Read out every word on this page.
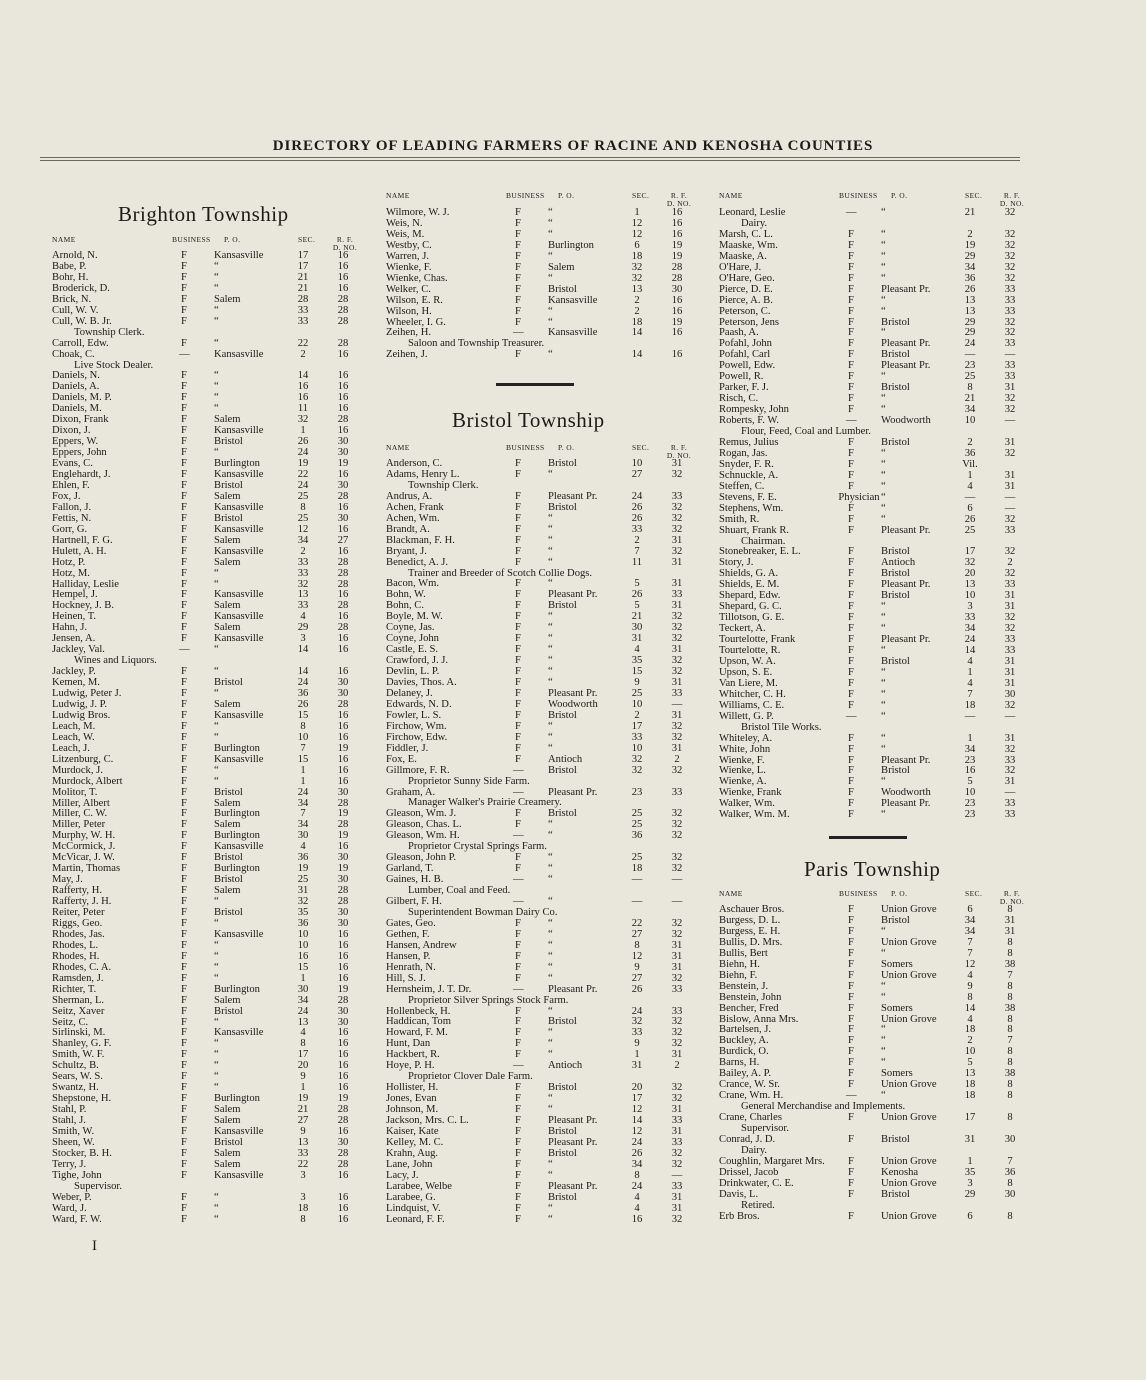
DIRECTORY OF LEADING FARMERS OF RACINE AND KENOSHA COUNTIES
Brighton Township
NAME	BUSINESS P. O.	SEC.	R. F. D. NO.
Arnold, N.	F	Kansasville	17	16
Babe, P.	F	“	17	16
Bohr, H.	F	“	21	16
Broderick, D.	F	“	21	16
Brick, N.	F	Salem	28	28
Cull, W. V.	F	“	33	28
Cull, W. B. Jr.	F	“	33	28
Township Clerk.
Carroll, Edw.	F	“	22	28
Choak, C.	— Kansasville	2	16
Live Stock Dealer.
Daniels, N.	F	“	14	16
Daniels, A.	F	“	16	16
Daniels, M. P.	F	“	16	16
Daniels, M.	F	“	11	16
Dixon, Frank	F	Salem	32	28
Dixon, J.	F	Kansasville	1	16
Eppers, W.	F	Bristol	26	30
Eppers, John	F	“	24	30
Evans, C.	F	Burlington	19	19
Englehardt, J.	F	Kansasville	22	16
Ehlen, F.	F	Bristol	24	30
Fox, J.	F	Salem	25	28
Fallon, J.	F	Kansasville	8	16
Fettis, N.	F	Bristol	25	30
Gorr, G.	F	Kansasville	12	16
Hartnell, F. G.	F	Salem	34	27
Hulett, A. H.	F	Kansasville	2	16
Hotz, P.	F	Salem	33	28
Hotz, M.	F	“	33	28
Halliday, Leslie	F	“	32	28
Hempel, J.	F	Kansasville	13	16
Hockney, J. B.	F	Salem	33	28
Heinen, T.	F	Kansasville	4	16
Hahn, J.	F	Salem	29	28
Jensen, A.	F	Kansasville	3	16
Jackley, Val.	— “	14	16
Wines and Liquors.
Jackley, P.	F	“	14	16
Kemen, M.	F	Bristol	24	30
Ludwig, Peter J.	F	“	36	30
Ludwig, J. P.	F	Salem	26	28
Ludwig Bros.	F	Kansasville	15	16
Leach, M.	F	“	8	16
Leach, W.	F	“	10	16
Leach, J.	F	Burlington	7	19
Litzenburg, C.	F	Kansasville	15	16
Murdock, J.	F	“	1	16
Murdock, Albert	F	“	1	16
Molitor, T.	F	Bristol	24	30
Miller, Albert	F	Salem	34	28
Miller, C. W.	F	Burlington	7	19
Miller, Peter	F	Salem	34	28
Murphy, W. H.	F	Burlington	30	19
McCormick, J.	F	Kansasville	4	16
McVicar, J. W.	F	Bristol	36	30
Martin, Thomas	F	Burlington	19	19
May, J.	F	Bristol	25	30
Rafferty, H.	F	Salem	31	28
Rafferty, J. H.	F	“	32	28
Reiter, Peter	F	Bristol	35	30
Riggs, Geo.	F	“	36	30
Rhodes, Jas.	F	Kansasville	10	16
Rhodes, L.	F	“	10	16
Rhodes, H.	F	“	16	16
Rhodes, C. A.	F	“	15	16
Ramsden, J.	F	“	1	16
Richter, T.	F	Burlington	30	19
Sherman, L.	F	Salem	34	28
Seitz, Xaver	F	Bristol	24	30
Seitz, C.	F	“	13	30
Sirlinski, M.	F	Kansasville	4	16
Shanley, G. F.	F	“	8	16
Smith, W. F.	F	“	17	16
Schultz, B.	F	“	20	16
Sears, W. S.	F	“	9	16
Swantz, H.	F	“	1	16
Shepstone, H.	F	Burlington	19	19
Stahl, P.	F	Salem	21	28
Stahl, J.	F	Salem	27	28
Smith, W.	F	Kansasville	9	16
Sheen, W.	F	Bristol	13	30
Stocker, B. H.	F	Salem	33	28
Terry, J.	F	Salem	22	28
Tighe, John	F	Kansasville	3	16
Supervisor.
Weber, P.	F	“	3	16
Ward, J.	F	“	18	16
Ward, F. W.	F	“	8	16
NAME	BUSINESS P. O.	SEC.	R. F. D. NO.
Wilmore, W. J.	F	“	1	16
Weis, N.	F	“	12	16
Weis, M.	F	“	12	16
Westby, C.	F	Burlington	6	19
Warren, J.	F	“	18	19
Wienke, F.	F	Salem	32	28
Wienke, Chas.	F	“	32	28
Welker, C.	F	Bristol	13	30
Wilson, E. R.	F	Kansasville	2	16
Wilson, H.	F	“	2	16
Wheeler, I. G.	F	“	18	19
Zeihen, H.	— Kansasville	14	16
Saloon and Township Treasurer.
Zeihen, J.	F	“	14	16
Bristol Township
NAME	BUSINESS P. O.	SEC.	R. F. D. NO.
Anderson, C.	F	Bristol	10	31
Adams, Henry L.	F	“	27	32
Township Clerk.
Andrus, A.	F	Pleasant Pr.	24	33
Achen, Frank	F	Bristol	26	32
Achen, Wm.	F	“	26	32
Brandt, A.	F	“	33	32
Blackman, F. H.	F	“	2	31
Bryant, J.	F	“	7	32
Benedict, A. J.	F	“	11	31
Trainer and Breeder of Scotch Collie Dogs.
Bacon, Wm.	F	“	5	31
Bohn, W.	F	Pleasant Pr.	26	33
Bohn, C.	F	Bristol	5	31
Boyle, M. W.	F	“	21	32
Coyne, Jas.	F	“	30	32
Coyne, John	F	“	31	32
Castle, E. S.	F	“	4	31
Crawford, J. J.	F	“	35	32
Devlin, L. P.	F	“	15	32
Davies, Thos. A.	F	“	9	31
Delaney, J.	F	Pleasant Pr.	25	33
Edwards, N. D.	F	Woodworth	10	—
Fowler, L. S.	F	Bristol	2	31
Firchow, Wm.	F	“	17	32
Firchow, Edw.	F	“	33	32
Fiddler, J.	F	“	10	31
Fox, E.	F	Antioch	32	2
Gillmore, F. R.	— Bristol	32	32
Proprietor Sunny Side Farm.
Graham, A.	— Pleasant Pr.	23	33
Manager Walker's Prairie Creamery.
Gleason, Wm. J.	F	Bristol	25	32
Gleason, Chas. L.	F	“	25	32
Gleason, Wm. H.	— “	36	32
Proprietor Crystal Springs Farm.
Gleason, John P.	F	“	25	32
Garland, T.	F	“	18	32
Gaines, H. B.	— “	—	—
Lumber, Coal and Feed.
Gilbert, F. H.	— “	—	—
Superintendent Bowman Dairy Co.
Gates, Geo.	F	“	22	32
Gethen, F.	F	“	27	32
Hansen, Andrew	F	“	8	31
Hansen, P.	F	“	12	31
Henrath, N.	F	“	9	31
Hill, S. J.	F	“	27	32
Hernsheim, J. T. Dr.	— Pleasant Pr.	26	33
Proprietor Silver Springs Stock Farm.
Hollenbeck, H.	F	“	24	33
Haddican, Tom	F	Bristol	32	32
Howard, F. M.	F	“	33	32
Hunt, Dan	F	“	9	32
Hackbert, R.	F	“	1	31
Hoye, P. H.	— Antioch	31	2
Proprietor Clover Dale Farm.
Hollister, H.	F	Bristol	20	32
Jones, Evan	F	“	17	32
Johnson, M.	F	“	12	31
Jackson, Mrs. C. L.	F	Pleasant Pr.	14	33
Kaiser, Kate	F	Bristol	12	31
Kelley, M. C.	F	Pleasant Pr.	24	33
Krahn, Aug.	F	Bristol	26	32
Lane, John	F	“	34	32
Lacy, J.	F	“	8	—
Larabee, Welbe	F	Pleasant Pr.	24	33
Larabee, G.	F	Bristol	4	31
Lindquist, V.	F	“	4	31
Leonard, F. F.	F	“	16	32
NAME	BUSINESS P. O.	SEC.	R. F. D. NO.
Leonard, Leslie	— “	21	32
Dairy.
Marsh, C. L.	F	“	2	32
Maaske, Wm.	F	“	19	32
Maaske, A.	F	“	29	32
O'Hare, J.	F	“	34	32
O'Hare, Geo.	F	“	36	32
Pierce, D. E.	F	Pleasant Pr.	26	33
Pierce, A. B.	F	“	13	33
Peterson, C.	F	“	13	33
Peterson, Jens	F	Bristol	29	32
Paash, A.	F	“	29	32
Pofahl, John	F	Pleasant Pr.	24	33
Pofahl, Carl	F	Bristol	—	—
Powell, Edw.	F	Pleasant Pr.	23	33
Powell, R.	F	“	25	33
Parker, F. J.	F	Bristol	8	31
Risch, C.	F	“	21	32
Rompesky, John	F	“	34	32
Roberts, F. W.	— Woodworth	10	—
Flour, Feed, Coal and Lumber.
Remus, Julius	F	Bristol	2	31
Rogan, Jas.	F	“	36	32
Snyder, F. R.	F	“	Vil.
Schnuckle, A.	F	“	1	31
Steffen, C.	F	“	4	31
Stevens, F. E.	Physician “	—	—
Stephens, Wm.	F	“	6	—
Smith, R.	F	“	26	32
Shuart, Frank R.	F	Pleasant Pr.	25	33
Chairman.
Stonebreaker, E. L.	F	Bristol	17	32
Story, J.	F	Antioch	32	2
Shields, G. A.	F	Bristol	20	32
Shields, E. M.	F	Pleasant Pr.	13	33
Shepard, Edw.	F	Bristol	10	31
Shepard, G. C.	F	“	3	31
Tillotson, G. E.	F	“	33	32
Teckert, A.	F	“	34	32
Tourtelotte, Frank	F	Pleasant Pr.	24	33
Tourtelotte, R.	F	“	14	33
Upson, W. A.	F	Bristol	4	31
Upson, S. E.	F	“	1	31
Van Liere, M.	F	“	4	31
Whitcher, C. H.	F	“	7	30
Williams, C. E.	F	“	18	32
Willett, G. P.	— “	—	—
Bristol Tile Works.
Whiteley, A.	F	“	1	31
White, John	F	“	34	32
Wienke, F.	F	Pleasant Pr.	23	33
Wienke, L.	F	Bristol	16	32
Wienke, A.	F	“	5	31
Wienke, Frank	F	Woodworth	10	—
Walker, Wm.	F	Pleasant Pr.	23	33
Walker, Wm. M.	F	“	23	33
Paris Township
NAME	BUSINESS P. O.	SEC.	R. F. D. NO.
Aschauer Bros.	F	Union Grove	6	8
Burgess, D. L.	F	Bristol	34	31
Burgess, E. H.	F	“	34	31
Bullis, D. Mrs.	F	Union Grove	7	8
Bullis, Bert	F	“	7	8
Biehn, H.	F	Somers	12	38
Biehn, F.	F	Union Grove	4	7
Benstein, J.	F	“	9	8
Benstein, John	F	“	8	8
Bencher, Fred	F	Somers	14	38
Bislow, Anna Mrs.	F	Union Grove	4	8
Bartelsen, J.	F	“	18	8
Buckley, A.	F	“	2	7
Burdick, O.	F	“	10	8
Barns, H.	F	“	5	8
Bailey, A. P.	F	Somers	13	38
Crance, W. Sr.	F	Union Grove	18	8
Crane, Wm. H.	— “	18	8
General Merchandise and Implements.
Crane, Charles	F	Union Grove	17	8
Supervisor.
Conrad, J. D.	F	Bristol	31	30
Dairy.
Coughlin, Margaret Mrs.	F	Union Grove	1	7
Drissel, Jacob	F	Kenosha	35	36
Drinkwater, C. E.	F	Union Grove	3	8
Davis, L.	F	Bristol	29	30
Retired.
Erb Bros.	F	Union Grove	6	8
I
